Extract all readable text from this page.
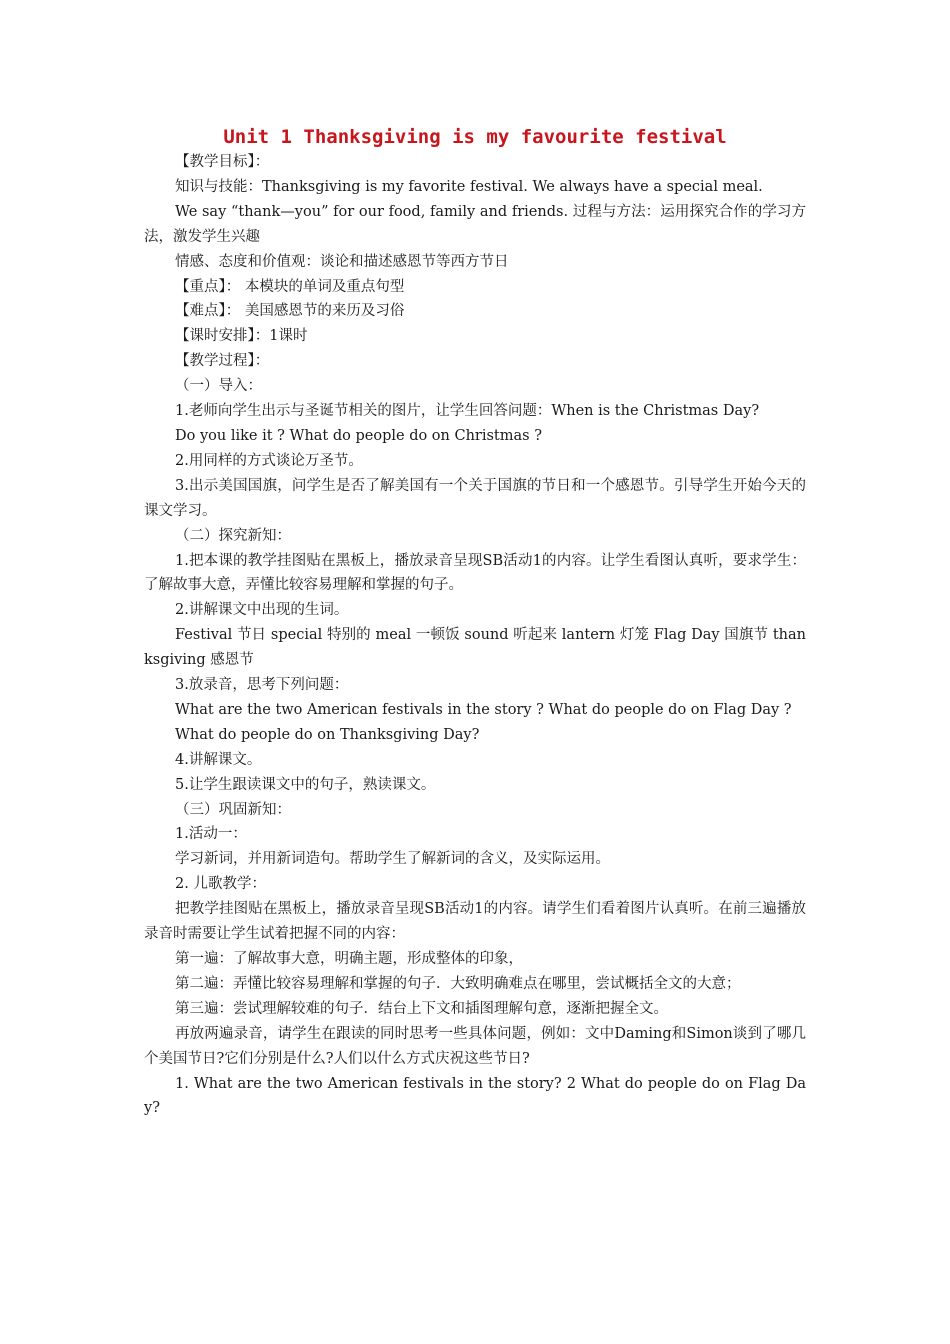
Unit 1 Thanksgiving is my favourite festival

【教学目标】：

知识与技能：Thanksgiving is my favorite festival. We always have a special meal.

We say “thank—you” for our food, family and friends. 过程与方法：运用探究合作的学习方法，激发学生兴趣

情感、态度和价值观：谈论和描述感恩节等西方节日

【重点】： 本模块的单词及重点句型

【难点】： 美国感恩节的来历及习俗

【课时安排】：1课时

【教学过程】：

（一）导入：

1.老师向学生出示与圣诞节相关的图片，让学生回答问题：When is the Christmas Day?

Do you like it ? What do people do on Christmas ?

2.用同样的方式谈论万圣节。

3.出示美国国旗，问学生是否了解美国有一个关于国旗的节日和一个感恩节。引导学生开始今天的课文学习。

（二）探究新知：

1.把本课的教学挂图贴在黑板上，播放录音呈现SB活动1的内容。让学生看图认真听，要求学生：了解故事大意，弄懂比较容易理解和掌握的句子。

2.讲解课文中出现的生词。

Festival 节日 special 特别的 meal 一顿饭 sound 听起来 lantern 灯笼 Flag Day 国旗节 thanksgiving 感恩节

3.放录音，思考下列问题：

What are the two American festivals in the story ? What do people do on Flag Day ?

What do people do on Thanksgiving Day?

4.讲解课文。

5.让学生跟读课文中的句子，熟读课文。

（三）巩固新知：

1.活动一：

学习新词，并用新词造句。帮助学生了解新词的含义，及实际运用。

2. 儿歌教学：

把教学挂图贴在黑板上，播放录音呈现SB活动1的内容。请学生们看着图片认真听。在前三遍播放录音时需要让学生试着把握不同的内容：

第一遍：了解故事大意，明确主题，形成整体的印象，

第二遍：弄懂比较容易理解和掌握的句子．大致明确难点在哪里，尝试概括全文的大意；

第三遍：尝试理解较难的句子．结台上下文和插图理解句意，逐渐把握全文。

再放两遍录音，请学生在跟读的同时思考一些具体问题，例如：文中Daming和Simon谈到了哪几个美国节日?它们分别是什么?人们以什么方式庆祝这些节日?

1. What are the two American festivals in the story? 2 What do people do on Flag Day?
